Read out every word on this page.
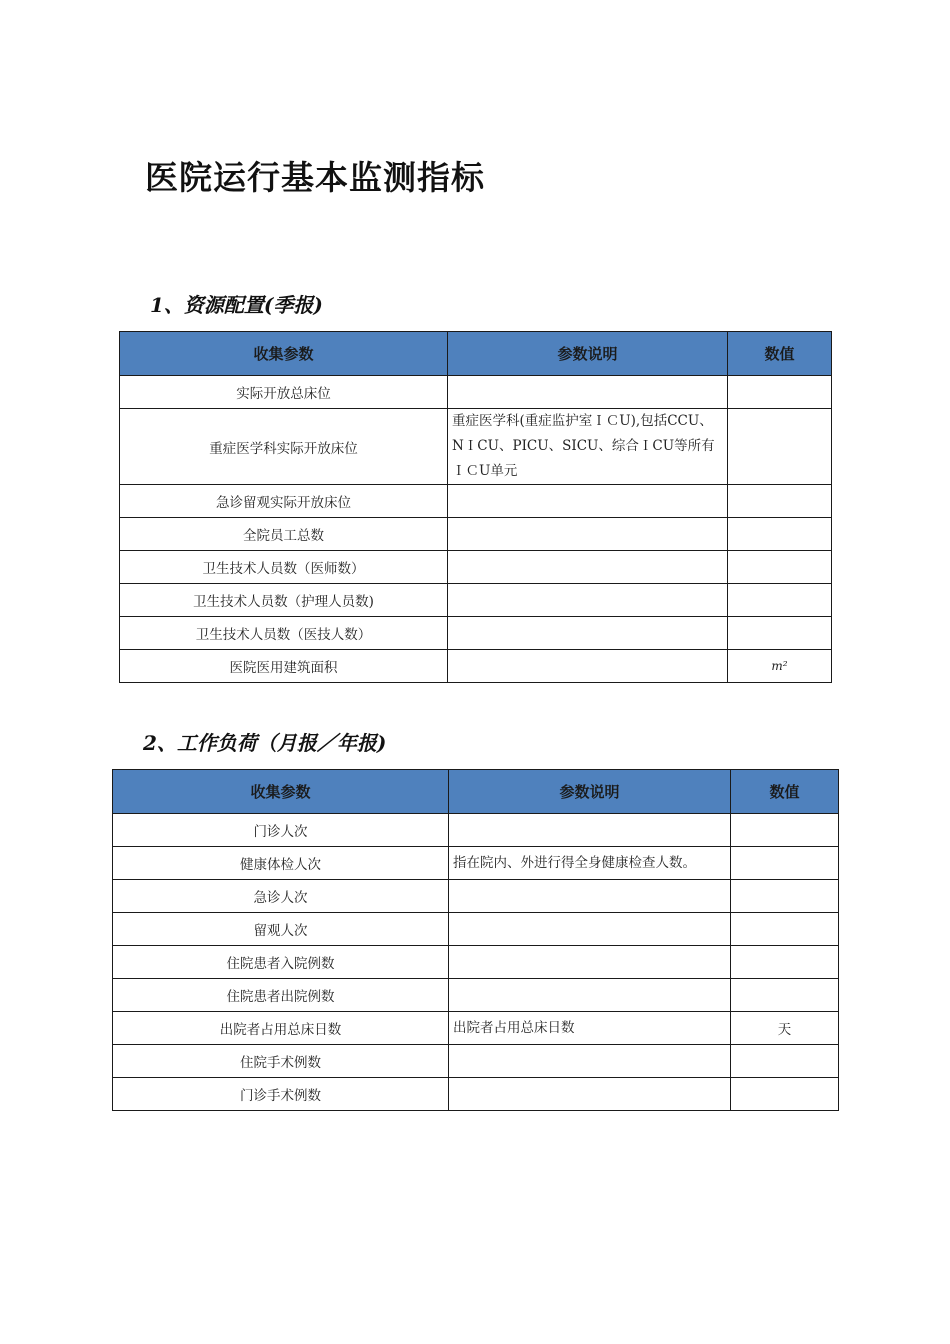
医院运行基本监测指标
1、资源配置(季报)
收集参数	参数说明	数值
实际开放总床位		
重症医学科实际开放床位	重症医学科(重症监护室ＩＣU),包括CCU、NＩCU、PICU、SICU、综合ＩCU等所有ＩＣU单元	
急诊留观实际开放床位		
全院员工总数		
卫生技术人员数（医师数）		
卫生技术人员数（护理人员数)		
卫生技术人员数（医技人数）		
医院医用建筑面积		m²
2、工作负荷（月报／年报)
收集参数	参数说明	数值
门诊人次		
健康体检人次	指在院内、外进行得全身健康检查人数。	
急诊人次		
留观人次		
住院患者入院例数		
住院患者出院例数		
出院者占用总床日数	出院者占用总床日数	天
住院手术例数		
门诊手术例数		
